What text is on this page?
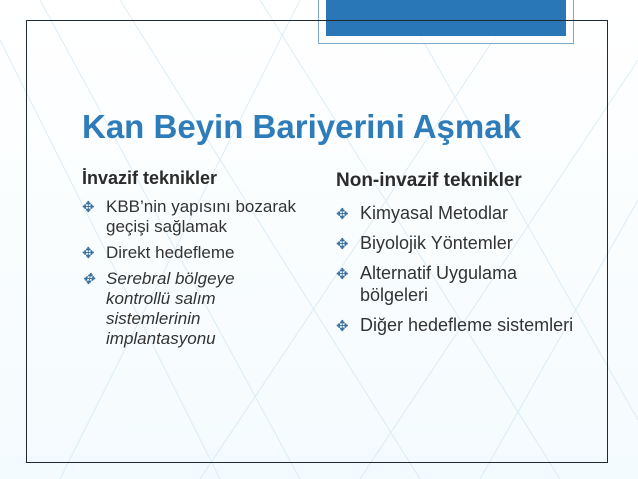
Kan Beyin Bariyerini Aşmak
İnvazif teknikler
✥ KBB’nin yapısını bozarak geçişi sağlamak
✥ Direkt hedefleme
✥ Serebral bölgeye kontrollü salım sistemlerinin implantasyonu
Non-invazif teknikler
✥ Kimyasal Metodlar
✥ Biyolojik Yöntemler
✥ Alternatif Uygulama bölgeleri
✥ Diğer hedefleme sistemleri
